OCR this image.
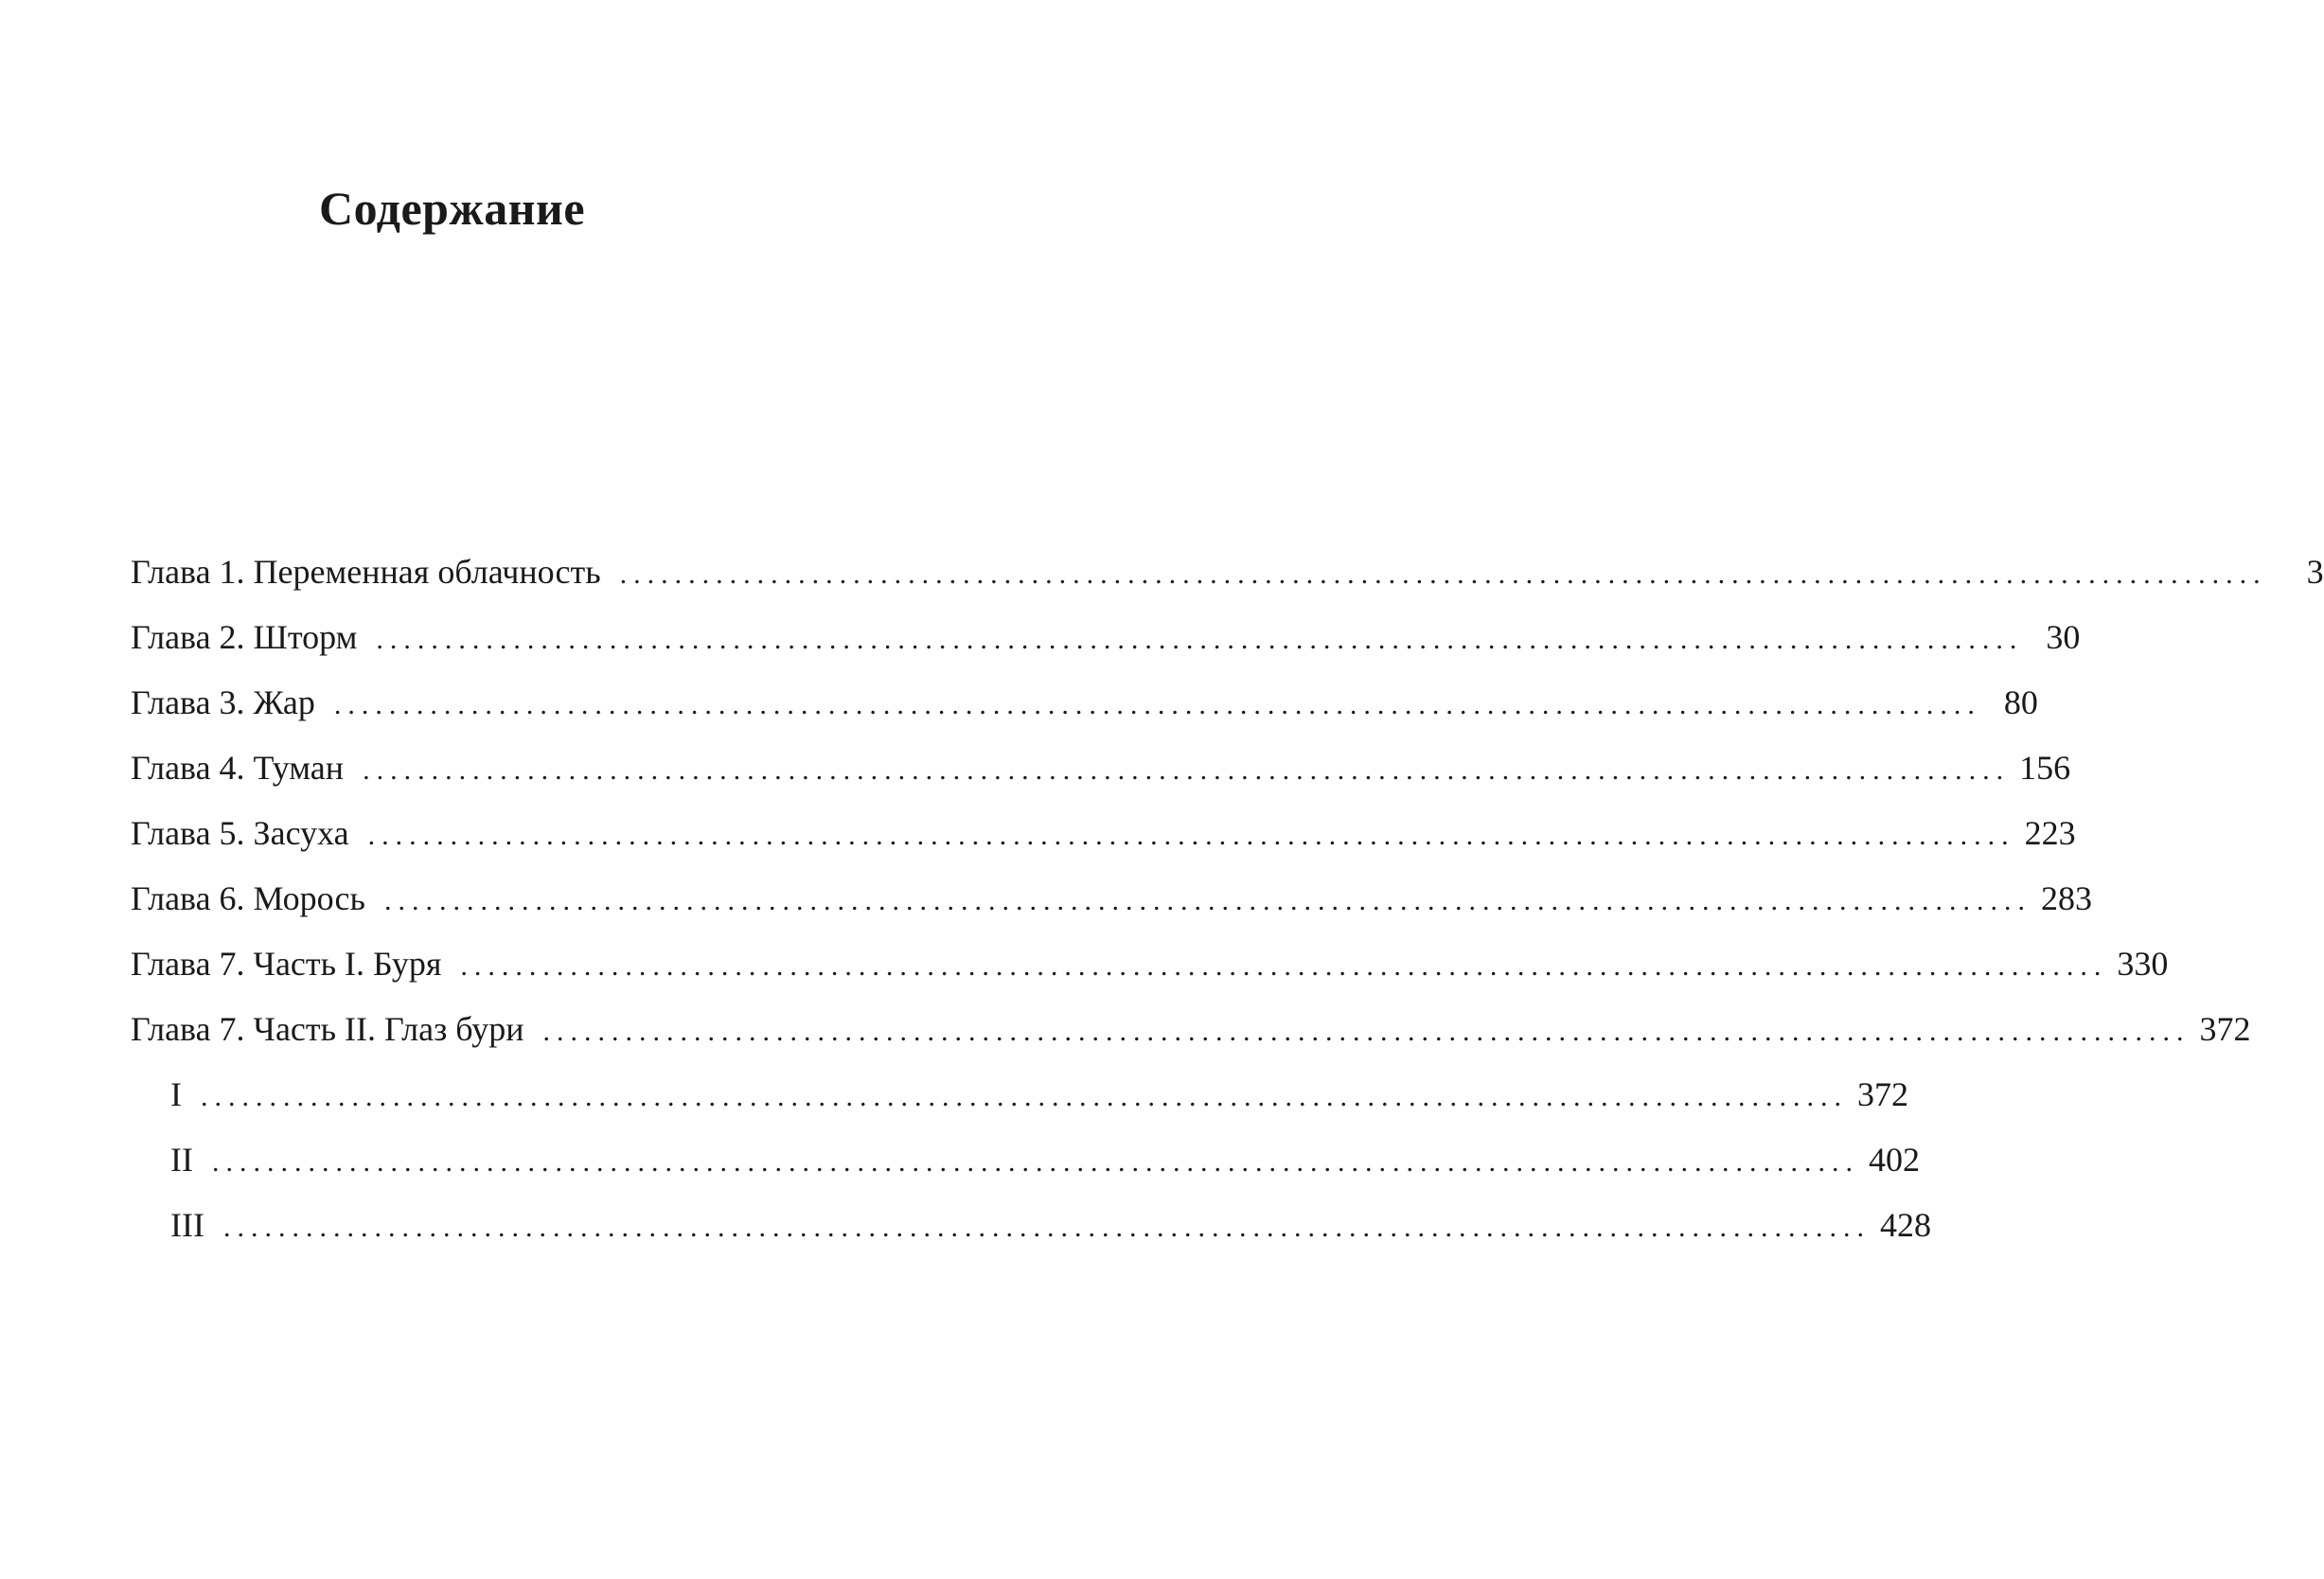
Содержание
Глава 1. Переменная облачность ........................................................................................................................	3
Глава 2. Шторм ........................................................................................................................ 30
Глава 3. Жар ........................................................................................................................ 80
Глава 4. Туман ........................................................................................................................ 156
Глава 5. Засуха ........................................................................................................................ 223
Глава 6. Морось ........................................................................................................................ 283
Глава 7. Часть I. Буря ........................................................................................................................ 330
Глава 7. Часть II. Глаз бури ........................................................................................................................ 372
I ........................................................................................................................ 372
II ........................................................................................................................ 402
III ........................................................................................................................ 428
